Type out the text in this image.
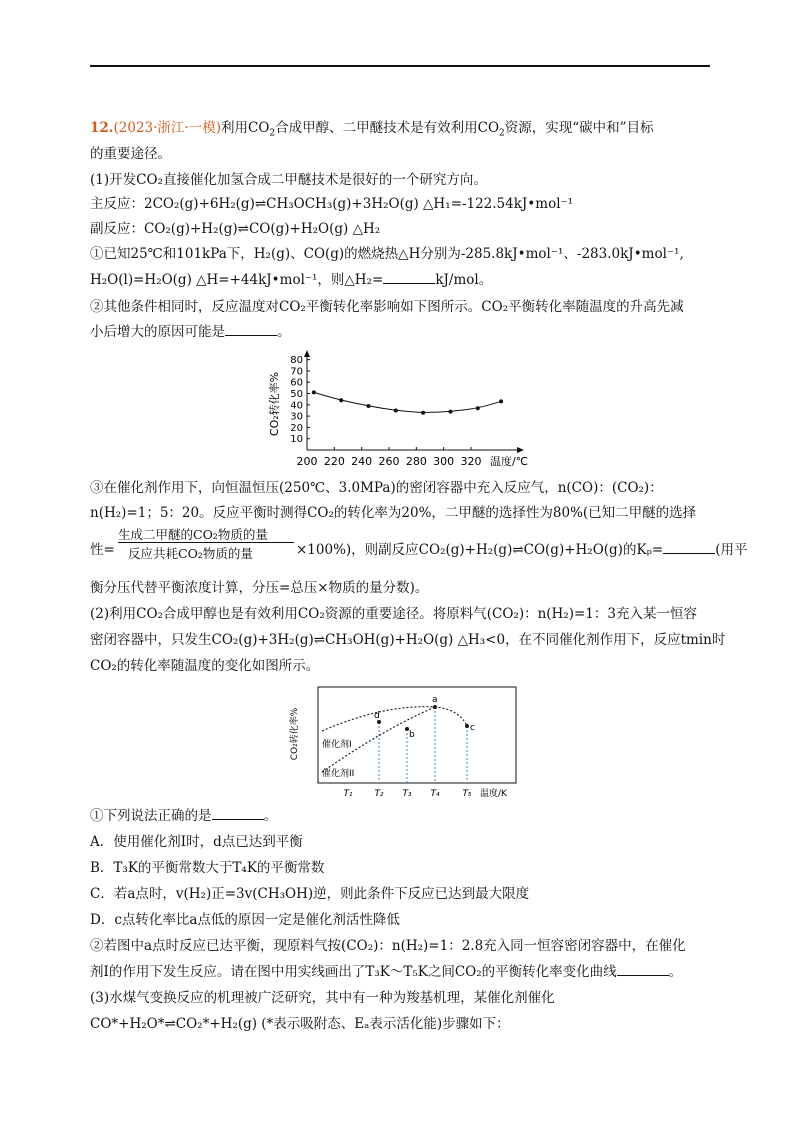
12.(2023·浙江·一模)利用$CO_2$合成甲醇、二甲醚技术是有效利用$CO_2$资源，实现“碳中和”目标
的重要途径。
(1)开发CO₂直接催化加氢合成二甲醚技术是很好的一个研究方向。
主反应：2CO₂(g)+6H₂(g)⇌CH₃OCH₃(g)+3H₂O(g) △H₁=-122.54kJ•mol⁻¹
副反应：CO₂(g)+H₂(g)⇌CO(g)+H₂O(g) △H₂
①已知25℃和101kPa下，H₂(g)、CO(g)的燃烧热△H分别为-285.8kJ•mol⁻¹、-283.0kJ•mol⁻¹,
H₂O(l)=H₂O(g) △H=+44kJ•mol⁻¹，则△H₂=	kJ/mol。
②其他条件相同时，反应温度对CO₂平衡转化率影响如下图所示。CO₂平衡转化率随温度的升高先减
小后增大的原因可能是	。
10
20
30
40
50
60
70
80
200 220 240 260 280 300 320
CO₂转化率%
温度/℃
③在催化剂作用下，向恒温恒压(250℃、3.0MPa)的密闭容器中充入反应气，n(CO)：(CO₂)：
n(H₂)=1；5：20。反应平衡时测得CO₂的转化率为20%，二甲醚的选择性为80%(已知二甲醚的选择
性=
生成二甲醚的CO₂物质的量
反应共耗CO₂物质的量	×100%)，则副反应CO₂(g)+H₂(g)⇌CO(g)+H₂O(g)的Kₚ=	(用平
衡分压代替平衡浓度计算，分压=总压×物质的量分数)。
(2)利用CO₂合成甲醇也是有效利用CO₂资源的重要途径。将原料气(CO₂)：n(H₂)=1：3充入某一恒容
密闭容器中，只发生CO₂(g)+3H₂(g)⇌CH₃OH(g)+H₂O(g) △H₃<0，在不同催化剂作用下，反应tmin时
CO₂的转化率随温度的变化如图所示。
d
a
b
c
催化剂I
催化剂II
CO₂转化率%
T₁ T₂ T₃ T₄	T₅ 温度/K
①下列说法正确的是	。
A．使用催化剂I时，d点已达到平衡
B．T₃K的平衡常数大于T₄K的平衡常数
C．若a点时，v(H₂)正=3v(CH₃OH)逆，则此条件下反应已达到最大限度
D．c点转化率比a点低的原因一定是催化剂活性降低
②若图中a点时反应已达平衡，现原料气按(CO₂)：n(H₂)=1：2.8充入同一恒容密闭容器中，在催化
剂I的作用下发生反应。请在图中用实线画出了T₃K～T₅K之间CO₂的平衡转化率变化曲线	。
(3)水煤气变换反应的机理被广泛研究，其中有一种为羧基机理，某催化剂催化
CO*+H₂O*⇌CO₂*+H₂(g) (*表示吸附态、Eₐ表示活化能)步骤如下：
